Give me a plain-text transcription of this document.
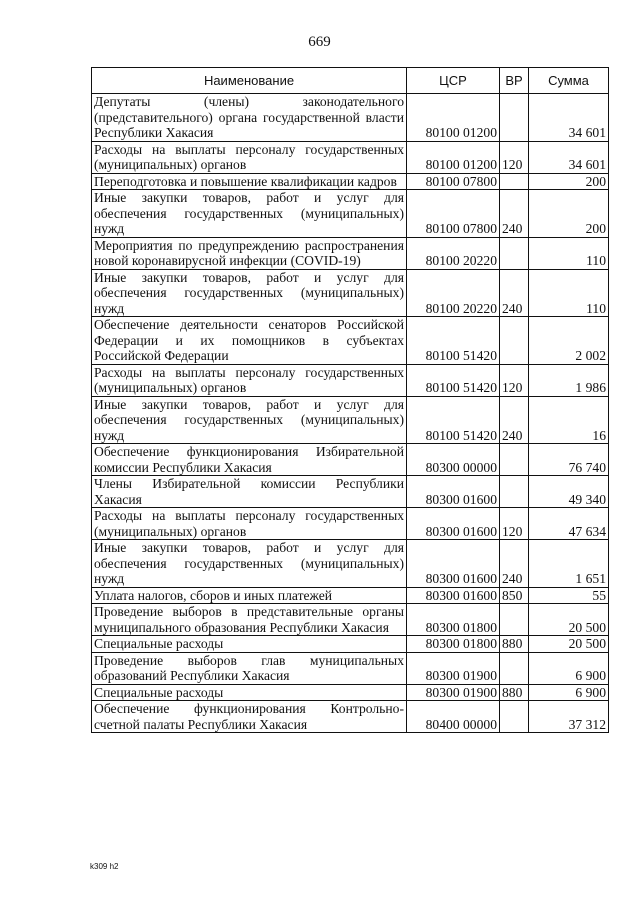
669
Наименование	ЦСР	ВР	Сумма
Депутаты (члены) законодательного (представительного) органа государственной власти Республики Хакасия	80100 01200		34 601
Расходы на выплаты персоналу государственных (муниципальных) органов	80100 01200	120	34 601
Переподготовка и повышение квалификации кадров	80100 07800		200
Иные закупки товаров, работ и услуг для обеспечения государственных (муниципальных) нужд	80100 07800	240	200
Мероприятия по предупреждению распространения новой коронавирусной инфекции (COVID-19)	80100 20220		110
Иные закупки товаров, работ и услуг для обеспечения государственных (муниципальных) нужд	80100 20220	240	110
Обеспечение деятельности сенаторов Российской Федерации и их помощников в субъектах Российской Федерации	80100 51420		2 002
Расходы на выплаты персоналу государственных (муниципальных) органов	80100 51420	120	1 986
Иные закупки товаров, работ и услуг для обеспечения государственных (муниципальных) нужд	80100 51420	240	16
Обеспечение функционирования Избирательной комиссии Республики Хакасия	80300 00000		76 740
Члены Избирательной комиссии Республики Хакасия	80300 01600		49 340
Расходы на выплаты персоналу государственных (муниципальных) органов	80300 01600	120	47 634
Иные закупки товаров, работ и услуг для обеспечения государственных (муниципальных) нужд	80300 01600	240	1 651
Уплата налогов, сборов и иных платежей	80300 01600	850	55
Проведение выборов в представительные органы муниципального образования Республики Хакасия	80300 01800		20 500
Специальные расходы	80300 01800	880	20 500
Проведение выборов глав муниципальных образований Республики Хакасия	80300 01900		6 900
Специальные расходы	80300 01900	880	6 900
Обеспечение функционирования Контрольно-счетной палаты Республики Хакасия	80400 00000		37 312
k309 h2
